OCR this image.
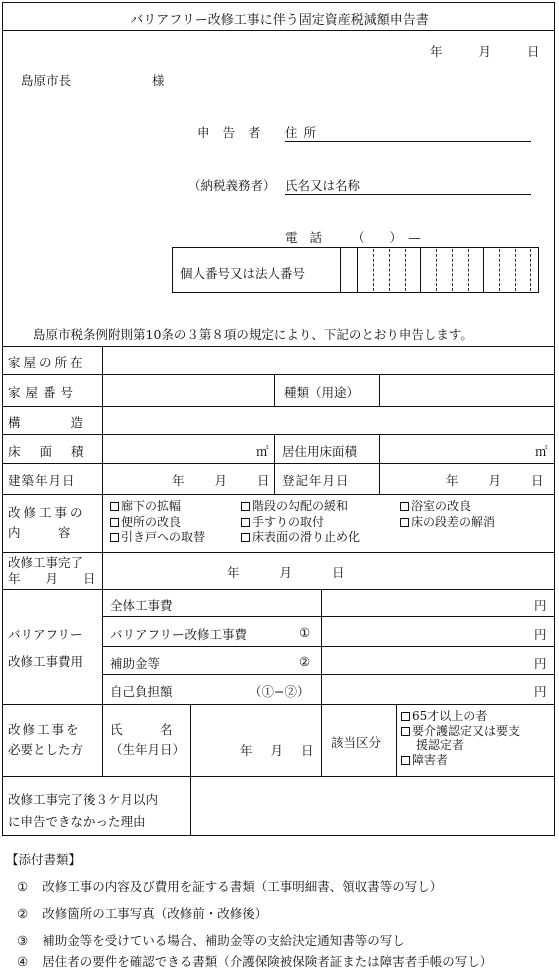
バリアフリー改修工事に伴う固定資産税減額申告書
年	月	日
島原市長	様
申告者 住所
（納税義務者） 氏名又は名称
電話 （　　）　—
個人番号又は法人番号
島原市税条例附則第10条の３第８項の規定により、下記のとおり申告します。
家屋の所在
家屋番号	種類（用途）
構造
床面積	㎡ 居住用床面積	㎡
建築年月日	年 月 日 登記年月日	年 月 日
改修工事の
内　　　容
廊下の拡幅	階段の勾配の緩和	浴室の改良
便所の改良	手すりの取付	床の段差の解消
引き戸への取替	床表面の滑り止め化
改修工事完了
年　　月　　日	年	月	日
バリアフリー
改修工事費用
全体工事費	円
バリアフリー改修工事費	①	円
補助金等	②	円
自己負担額	（①−②）	円
改修工事を
必要とした方
氏　　　名
（生年月日）	年 月 日
該当区分
65才以上の者
要介護認定又は要支
援認定者
障害者
改修工事完了後３ケ月以内
に申告できなかった理由
【添付書類】
① 改修工事の内容及び費用を証する書類（工事明細書、領収書等の写し）
② 改修箇所の工事写真（改修前・改修後）
③ 補助金等を受けている場合、補助金等の支給決定通知書等の写し
④ 居住者の要件を確認できる書類（介護保険被保険者証または障害者手帳の写し）
